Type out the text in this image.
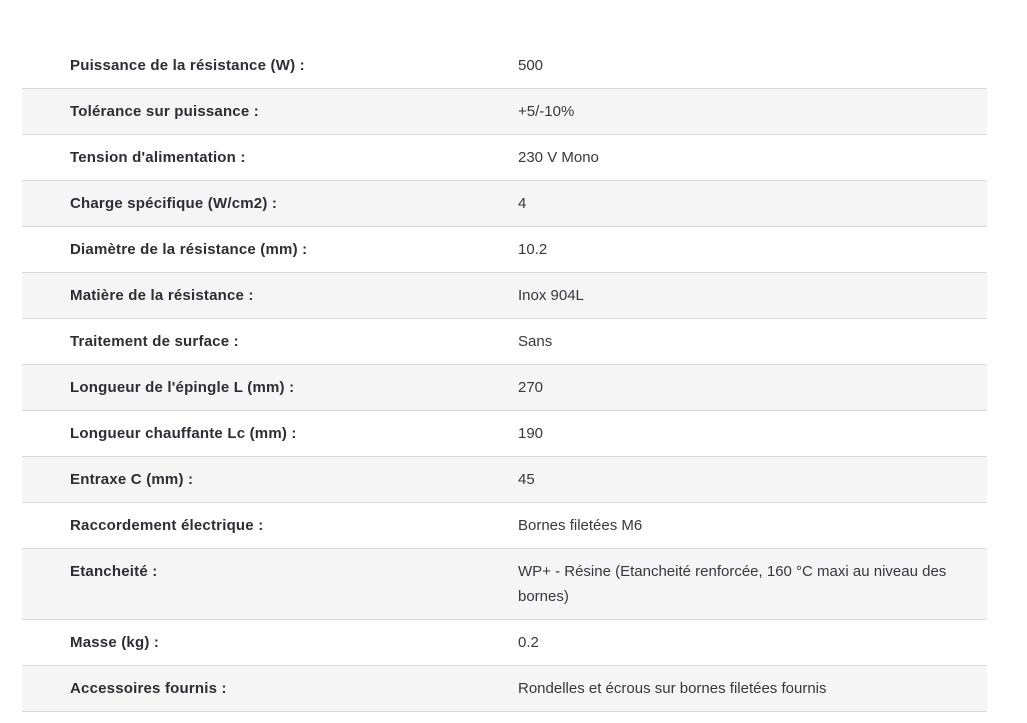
Puissance de la résistance (W) :	500
Tolérance sur puissance :	+5/-10%
Tension d'alimentation :	230 V Mono
Charge spécifique (W/cm2) :	4
Diamètre de la résistance (mm) :	10.2
Matière de la résistance :	Inox 904L
Traitement de surface :	Sans
Longueur de l'épingle L (mm) :	270
Longueur chauffante Lc (mm) :	190
Entraxe C (mm) :	45
Raccordement électrique :	Bornes filetées M6
Etancheité :	WP+ - Résine (Etancheité renforcée, 160 °C maxi au niveau des bornes)
Masse (kg) :	0.2
Accessoires fournis :	Rondelles et écrous sur bornes filetées fournis
